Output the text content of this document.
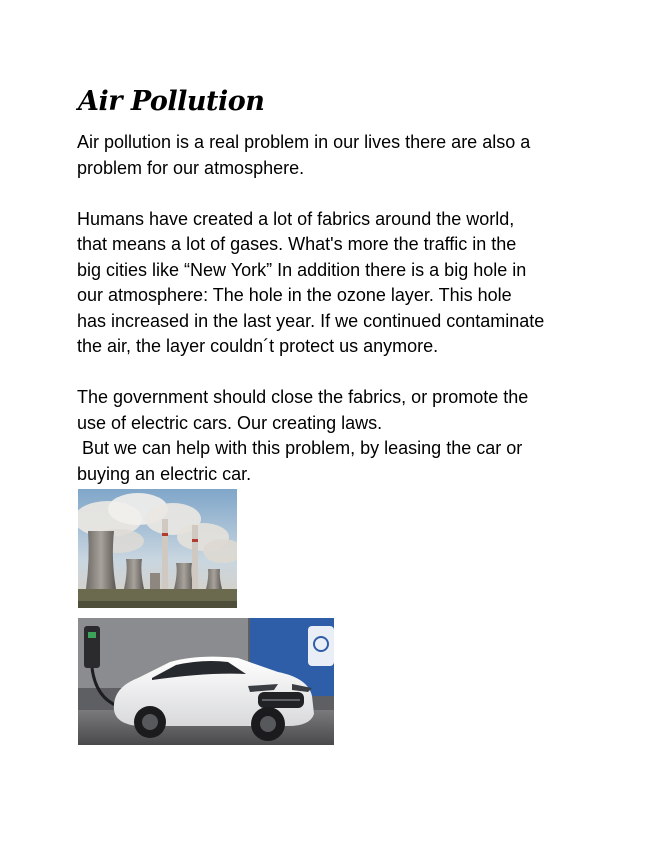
Air Pollution

Air pollution is a real problem in our lives there are also a
problem for our atmosphere.

Humans have created a lot of fabrics around the world,
that means a lot of gases. What's more the traffic in the
big cities like “New York” In addition there is a big hole in
our atmosphere: The hole in the ozone layer. This hole
has increased in the last year. If we continued contaminate
the air, the layer couldn´t protect us anymore.

The government should close the fabrics, or promote the
use of electric cars. Our creating laws.
But we can help with this problem, by leasing the car or
buying an electric car.
